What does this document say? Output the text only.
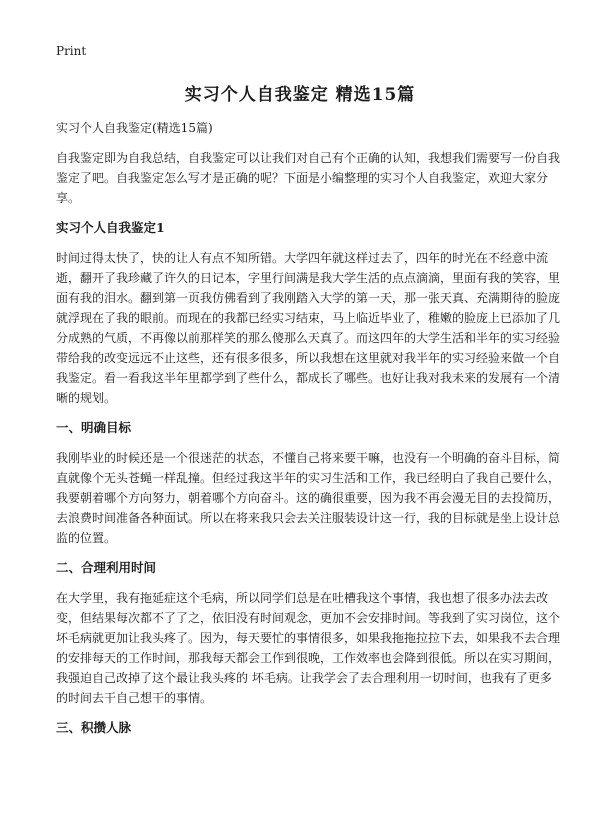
Print
实习个人自我鉴定 精选15篇
实习个人自我鉴定(精选15篇)

自我鉴定即为自我总结，自我鉴定可以让我们对自己有个正确的认知，我想我们需要写一份自我鉴定了吧。自我鉴定怎么写才是正确的呢？下面是小编整理的实习个人自我鉴定，欢迎大家分享。

实习个人自我鉴定1

时间过得太快了，快的让人有点不知所错。大学四年就这样过去了，四年的时光在不经意中流逝，翻开了我珍藏了许久的日记本，字里行间满是我大学生活的点点滴滴，里面有我的笑容，里面有我的泪水。翻到第一页我仿佛看到了我刚踏入大学的第一天，那一张天真、充满期待的脸庞就浮现在了我的眼前。而现在的我都已经实习结束，马上临近毕业了，稚嫩的脸庞上已添加了几分成熟的气质，不再像以前那样笑的那么傻那么天真了。而这四年的大学生活和半年的实习经验带给我的改变远远不止这些，还有很多很多，所以我想在这里就对我半年的实习经验来做一个自我鉴定。看一看我这半年里都学到了些什么，都成长了哪些。也好让我对我未来的发展有一个清晰的规划。

一、明确目标

我刚毕业的时候还是一个很迷茫的状态，不懂自己将来要干嘛，也没有一个明确的奋斗目标，简直就像个无头苍蝇一样乱撞。但经过我这半年的实习生活和工作，我已经明白了我自己要什么，我要朝着哪个方向努力，朝着哪个方向奋斗。这的确很重要，因为我不再会漫无目的去投简历，去浪费时间准备各种面试。所以在将来我只会去关注服装设计这一行，我的目标就是坐上设计总监的位置。

二、合理利用时间

在大学里，我有拖延症这个毛病，所以同学们总是在吐槽我这个事情，我也想了很多办法去改变，但结果每次都不了了之，依旧没有时间观念，更加不会安排时间。等我到了实习岗位，这个坏毛病就更加让我头疼了。因为，每天要忙的事情很多，如果我拖拖拉拉下去，如果我不去合理的安排每天的工作时间，那我每天都会工作到很晚，工作效率也会降到很低。所以在实习期间，我强迫自己改掉了这个最让我头疼的 坏毛病。让我学会了去合理利用一切时间，也我有了更多的时间去干自己想干的事情。

三、积攒人脉
